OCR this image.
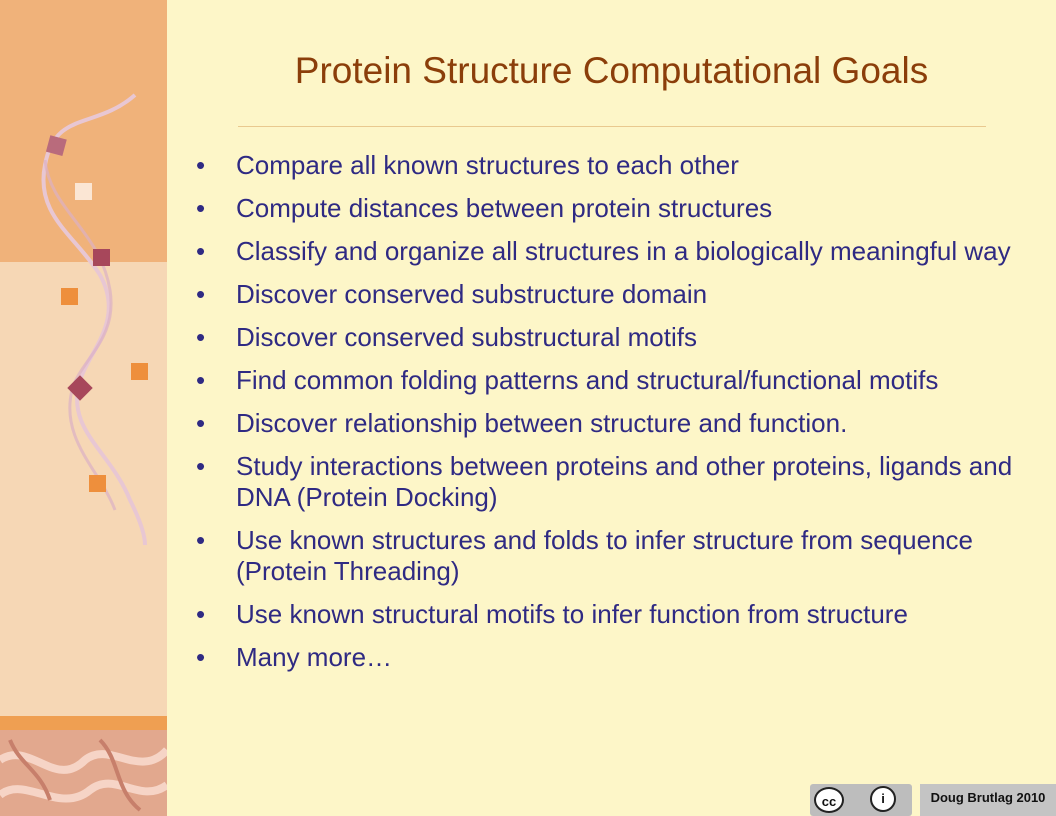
Protein Structure Computational Goals
• Compare all known structures to each other
• Compute distances between protein structures
• Classify and organize all structures in a biologically meaningful way
• Discover conserved substructure domain
• Discover conserved substructural motifs
• Find common folding patterns and structural/functional motifs
• Discover relationship between structure and function.
• Study interactions between proteins and other proteins, ligands and DNA (Protein Docking)
• Use known structures and folds to infer structure from sequence (Protein Threading)
• Use known structural motifs to infer function from structure
• Many more…
cc	i	Doug Brutlag 2010
